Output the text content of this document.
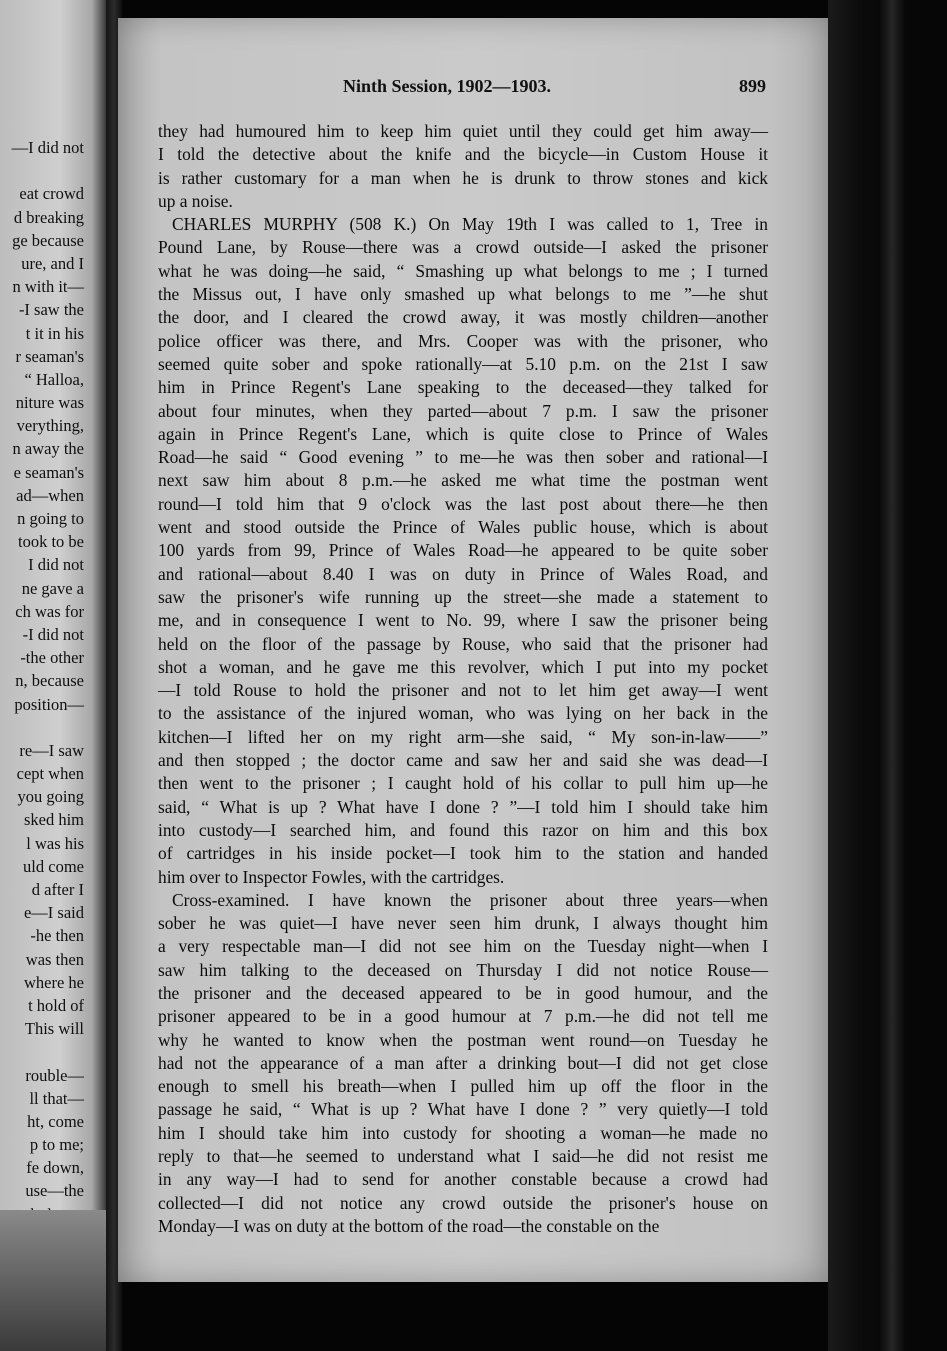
—I did not
eat crowd
d breaking
ge because
ure, and I
n with it—
-I saw the
t it in his
r seaman's
“ Halloa,
niture was
verything,
n away the
e seaman's
ad—when
n going to
took to be
I did not
ne gave a
ch was for
-I did not
-the other
n, because
position—
re—I saw
cept when
you going
sked him
l was his
uld come
d after I
e—I said
-he then
was then
where he
t hold of
This will
rouble—
ll that—
ht, come
p to me;
fe down,
use—the
Ninth Session, 1902—1903.	899
they had humoured him to keep him quiet until they could get him away—
I told the detective about the knife and the bicycle—in Custom House it
is rather customary for a man when he is drunk to throw stones and kick
up a noise.
CHARLES MURPHY (508 K.) On May 19th I was called to 1, Tree in
Pound Lane, by Rouse—there was a crowd outside—I asked the prisoner
what he was doing—he said, “ Smashing up what belongs to me ; I turned
the Missus out, I have only smashed up what belongs to me ”—he shut
the door, and I cleared the crowd away, it was mostly children—another
police officer was there, and Mrs. Cooper was with the prisoner, who
seemed quite sober and spoke rationally—at 5.10 p.m. on the 21st I saw
him in Prince Regent's Lane speaking to the deceased—they talked for
about four minutes, when they parted—about 7 p.m. I saw the prisoner
again in Prince Regent's Lane, which is quite close to Prince of Wales
Road—he said “ Good evening ” to me—he was then sober and rational—I
next saw him about 8 p.m.—he asked me what time the postman went
round—I told him that 9 o'clock was the last post about there—he then
went and stood outside the Prince of Wales public house, which is about
100 yards from 99, Prince of Wales Road—he appeared to be quite sober
and rational—about 8.40 I was on duty in Prince of Wales Road, and
saw the prisoner's wife running up the street—she made a statement to
me, and in consequence I went to No. 99, where I saw the prisoner being
held on the floor of the passage by Rouse, who said that the prisoner had
shot a woman, and he gave me this revolver, which I put into my pocket
—I told Rouse to hold the prisoner and not to let him get away—I went
to the assistance of the injured woman, who was lying on her back in the
kitchen—I lifted her on my right arm—she said, “ My son-in-law——”
and then stopped ; the doctor came and saw her and said she was dead—I
then went to the prisoner ; I caught hold of his collar to pull him up—he
said, “ What is up ? What have I done ? ”—I told him I should take him
into custody—I searched him, and found this razor on him and this box
of cartridges in his inside pocket—I took him to the station and handed
him over to Inspector Fowles, with the cartridges.
Cross-examined. I have known the prisoner about three years—when
sober he was quiet—I have never seen him drunk, I always thought him
a very respectable man—I did not see him on the Tuesday night—when I
saw him talking to the deceased on Thursday I did not notice Rouse—
the prisoner and the deceased appeared to be in good humour, and the
prisoner appeared to be in a good humour at 7 p.m.—he did not tell me
why he wanted to know when the postman went round—on Tuesday he
had not the appearance of a man after a drinking bout—I did not get close
enough to smell his breath—when I pulled him up off the floor in the
passage he said, “ What is up ? What have I done ? ” very quietly—I told
him I should take him into custody for shooting a woman—he made no
reply to that—he seemed to understand what I said—he did not resist me
in any way—I had to send for another constable because a crowd had
collected—I did not notice any crowd outside the prisoner's house on
Monday—I was on duty at the bottom of the road—the constable on the
